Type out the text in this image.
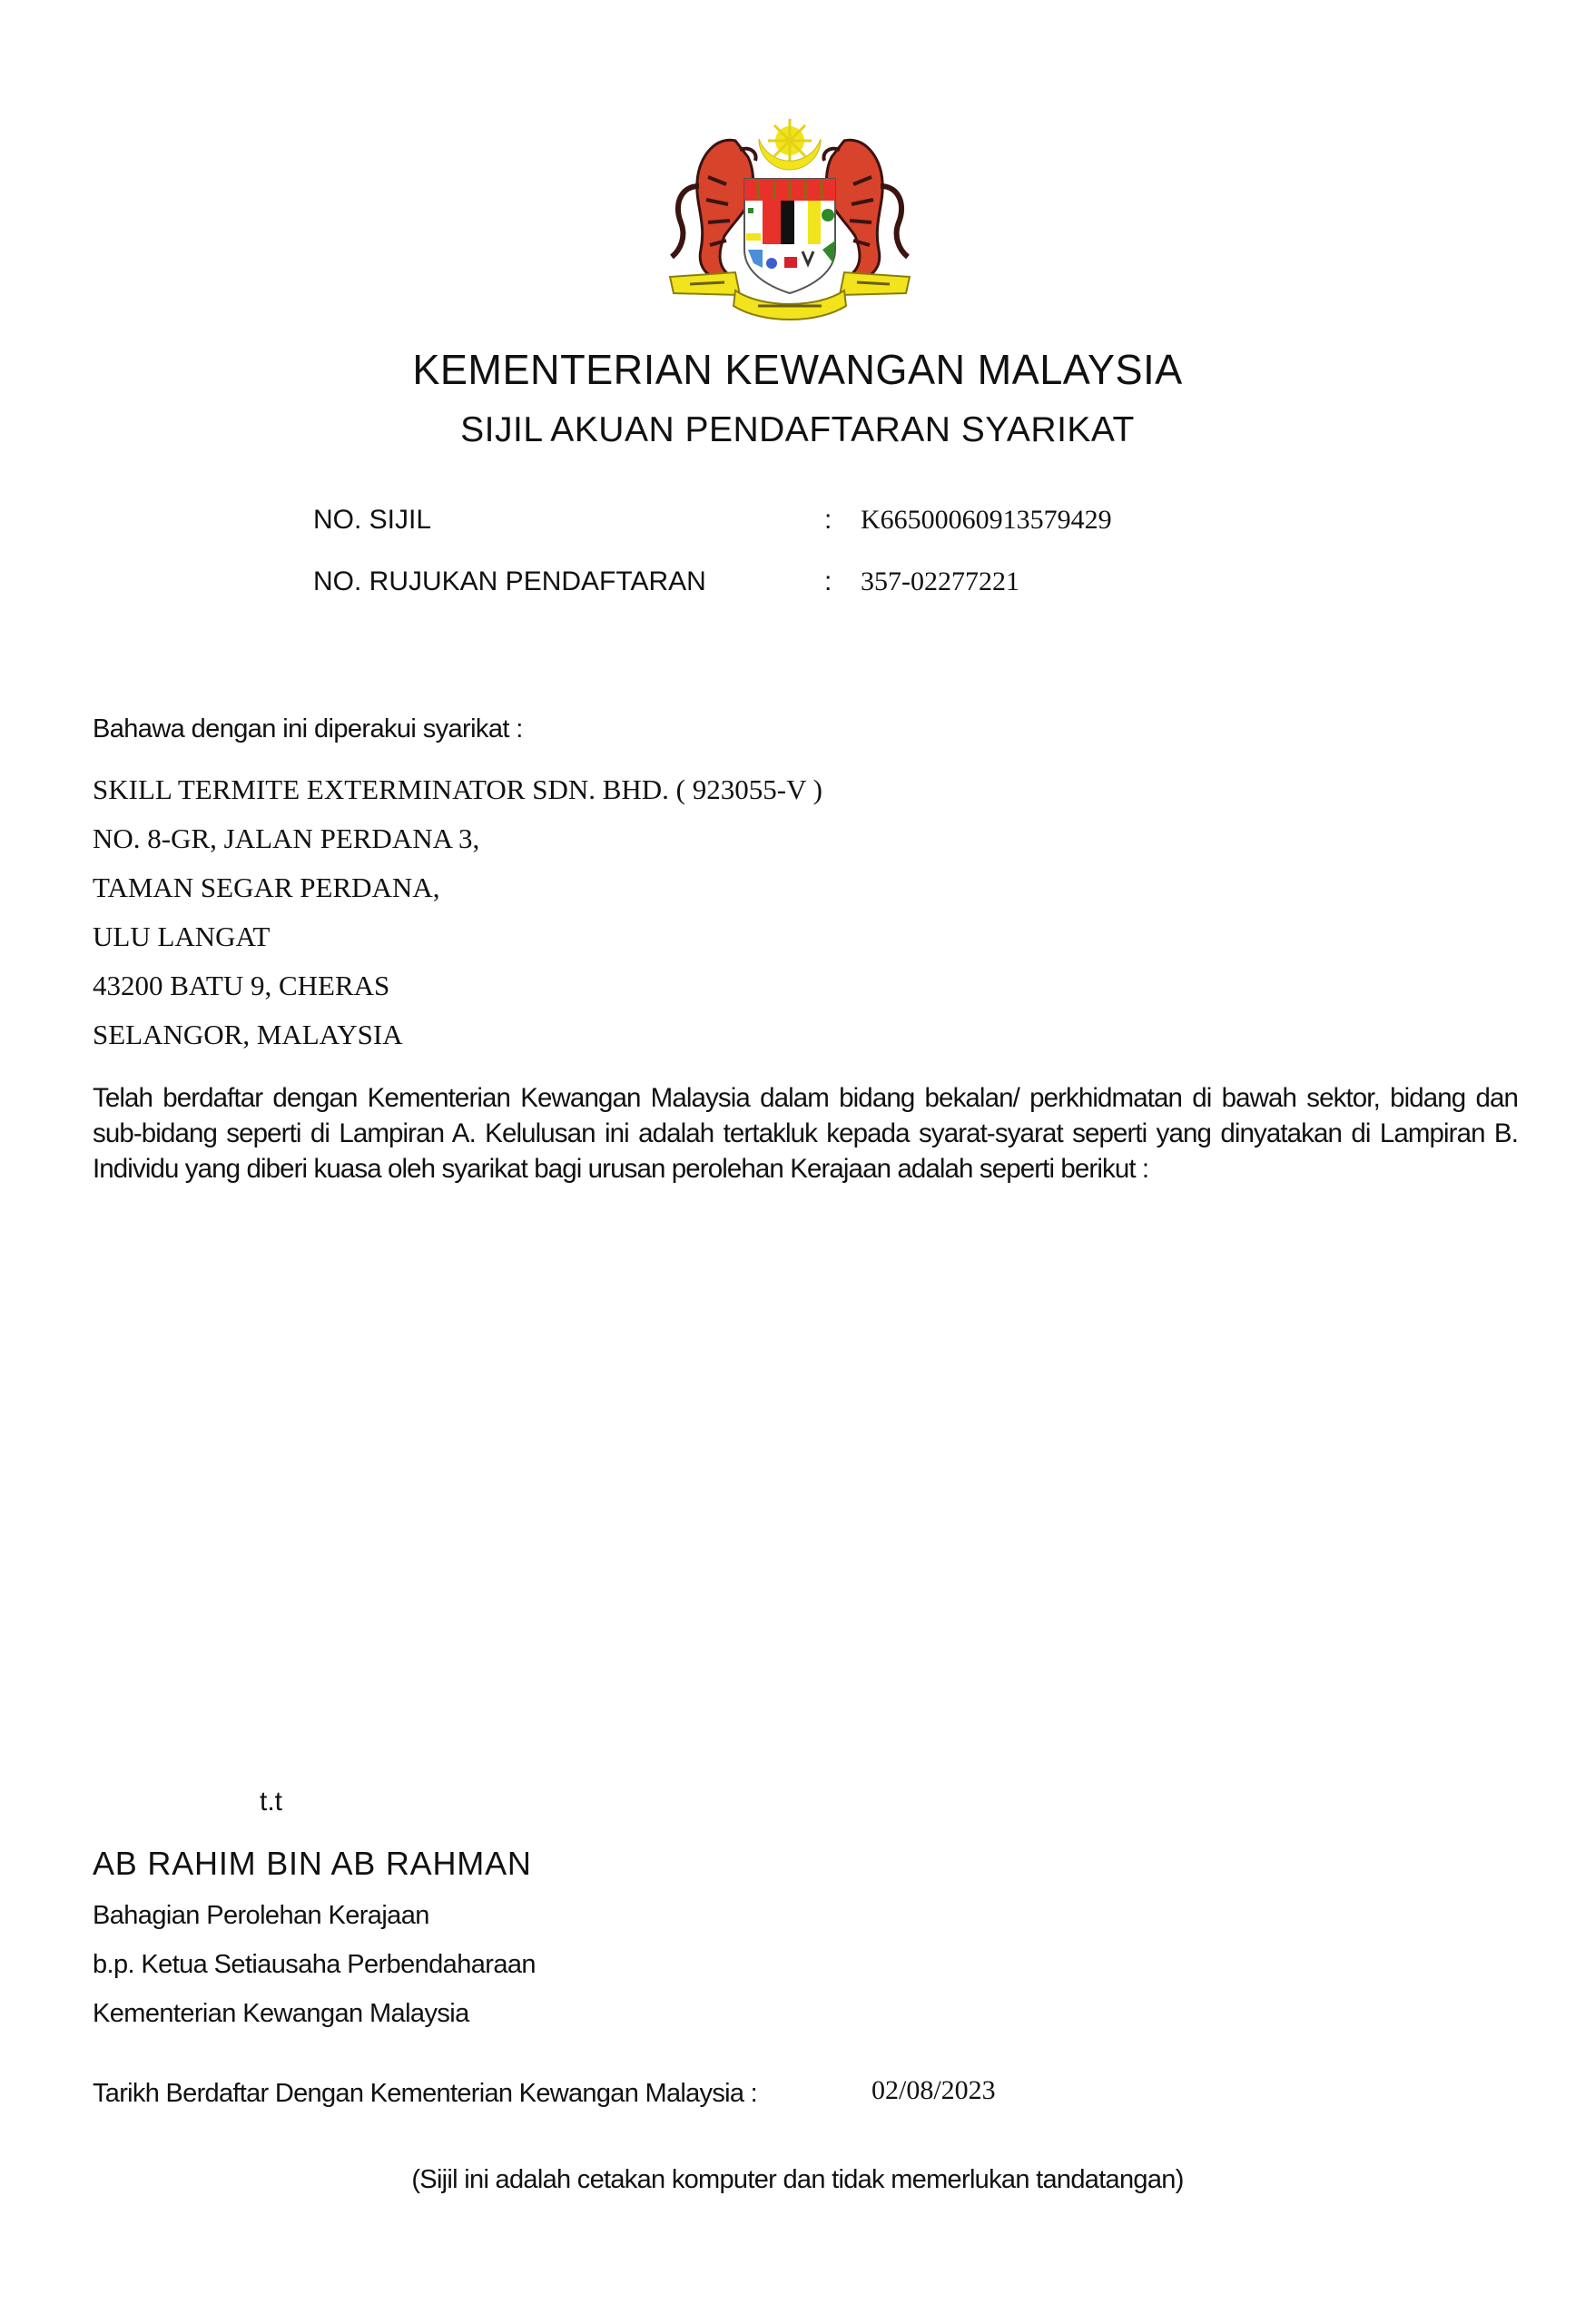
KEMENTERIAN KEWANGAN MALAYSIA
SIJIL AKUAN PENDAFTARAN SYARIKAT
NO. SIJIL	: K66500060913579429
NO. RUJUKAN PENDAFTARAN	: 357-02277221
Bahawa dengan ini diperakui syarikat :
SKILL TERMITE EXTERMINATOR SDN. BHD. ( 923055-V )
NO. 8-GR, JALAN PERDANA 3,
TAMAN SEGAR PERDANA,
ULU LANGAT
43200 BATU 9, CHERAS
SELANGOR, MALAYSIA
Telah berdaftar dengan Kementerian Kewangan Malaysia dalam bidang bekalan/ perkhidmatan di bawah sektor, bidang dan sub-bidang seperti di Lampiran A. Kelulusan ini adalah tertakluk kepada syarat-syarat seperti yang dinyatakan di Lampiran B. Individu yang diberi kuasa oleh syarikat bagi urusan perolehan Kerajaan adalah seperti berikut :
t.t
AB RAHIM BIN AB RAHMAN
Bahagian Perolehan Kerajaan
b.p. Ketua Setiausaha Perbendaharaan
Kementerian Kewangan Malaysia
Tarikh Berdaftar Dengan Kementerian Kewangan Malaysia :	02/08/2023
(Sijil ini adalah cetakan komputer dan tidak memerlukan tandatangan)
